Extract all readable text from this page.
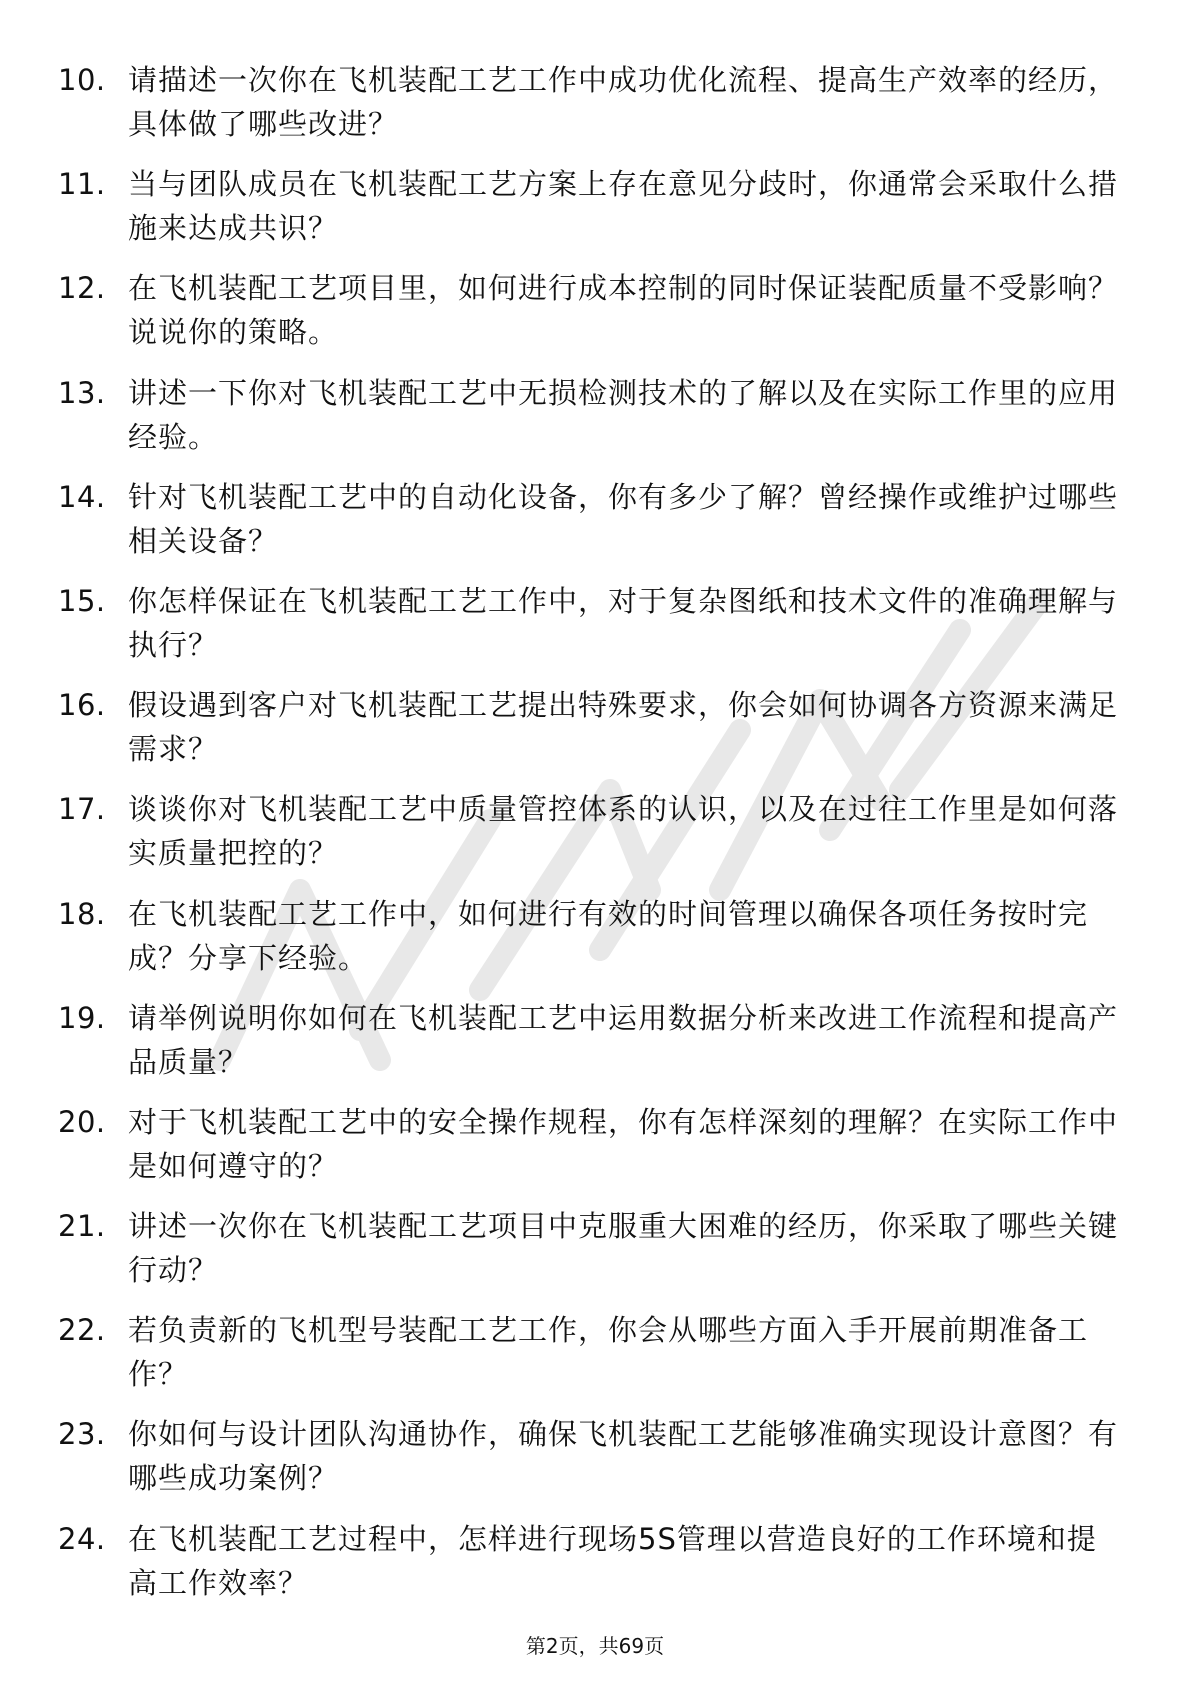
10. 请描述一次你在飞机装配工艺工作中成功优化流程、提高生产效率的经历，具体做了哪些改进？
11. 当与团队成员在飞机装配工艺方案上存在意见分歧时，你通常会采取什么措施来达成共识？
12. 在飞机装配工艺项目里，如何进行成本控制的同时保证装配质量不受影响？说说你的策略。
13. 讲述一下你对飞机装配工艺中无损检测技术的了解以及在实际工作里的应用经验。
14. 针对飞机装配工艺中的自动化设备，你有多少了解？曾经操作或维护过哪些相关设备？
15. 你怎样保证在飞机装配工艺工作中，对于复杂图纸和技术文件的准确理解与执行？
16. 假设遇到客户对飞机装配工艺提出特殊要求，你会如何协调各方资源来满足需求？
17. 谈谈你对飞机装配工艺中质量管控体系的认识，以及在过往工作里是如何落实质量把控的？
18. 在飞机装配工艺工作中，如何进行有效的时间管理以确保各项任务按时完成？分享下经验。
19. 请举例说明你如何在飞机装配工艺中运用数据分析来改进工作流程和提高产品质量？
20. 对于飞机装配工艺中的安全操作规程，你有怎样深刻的理解？在实际工作中是如何遵守的？
21. 讲述一次你在飞机装配工艺项目中克服重大困难的经历，你采取了哪些关键行动？
22. 若负责新的飞机型号装配工艺工作，你会从哪些方面入手开展前期准备工作？
23. 你如何与设计团队沟通协作，确保飞机装配工艺能够准确实现设计意图？有哪些成功案例？
24. 在飞机装配工艺过程中，怎样进行现场5S管理以营造良好的工作环境和提高工作效率？
第2页，共69页
